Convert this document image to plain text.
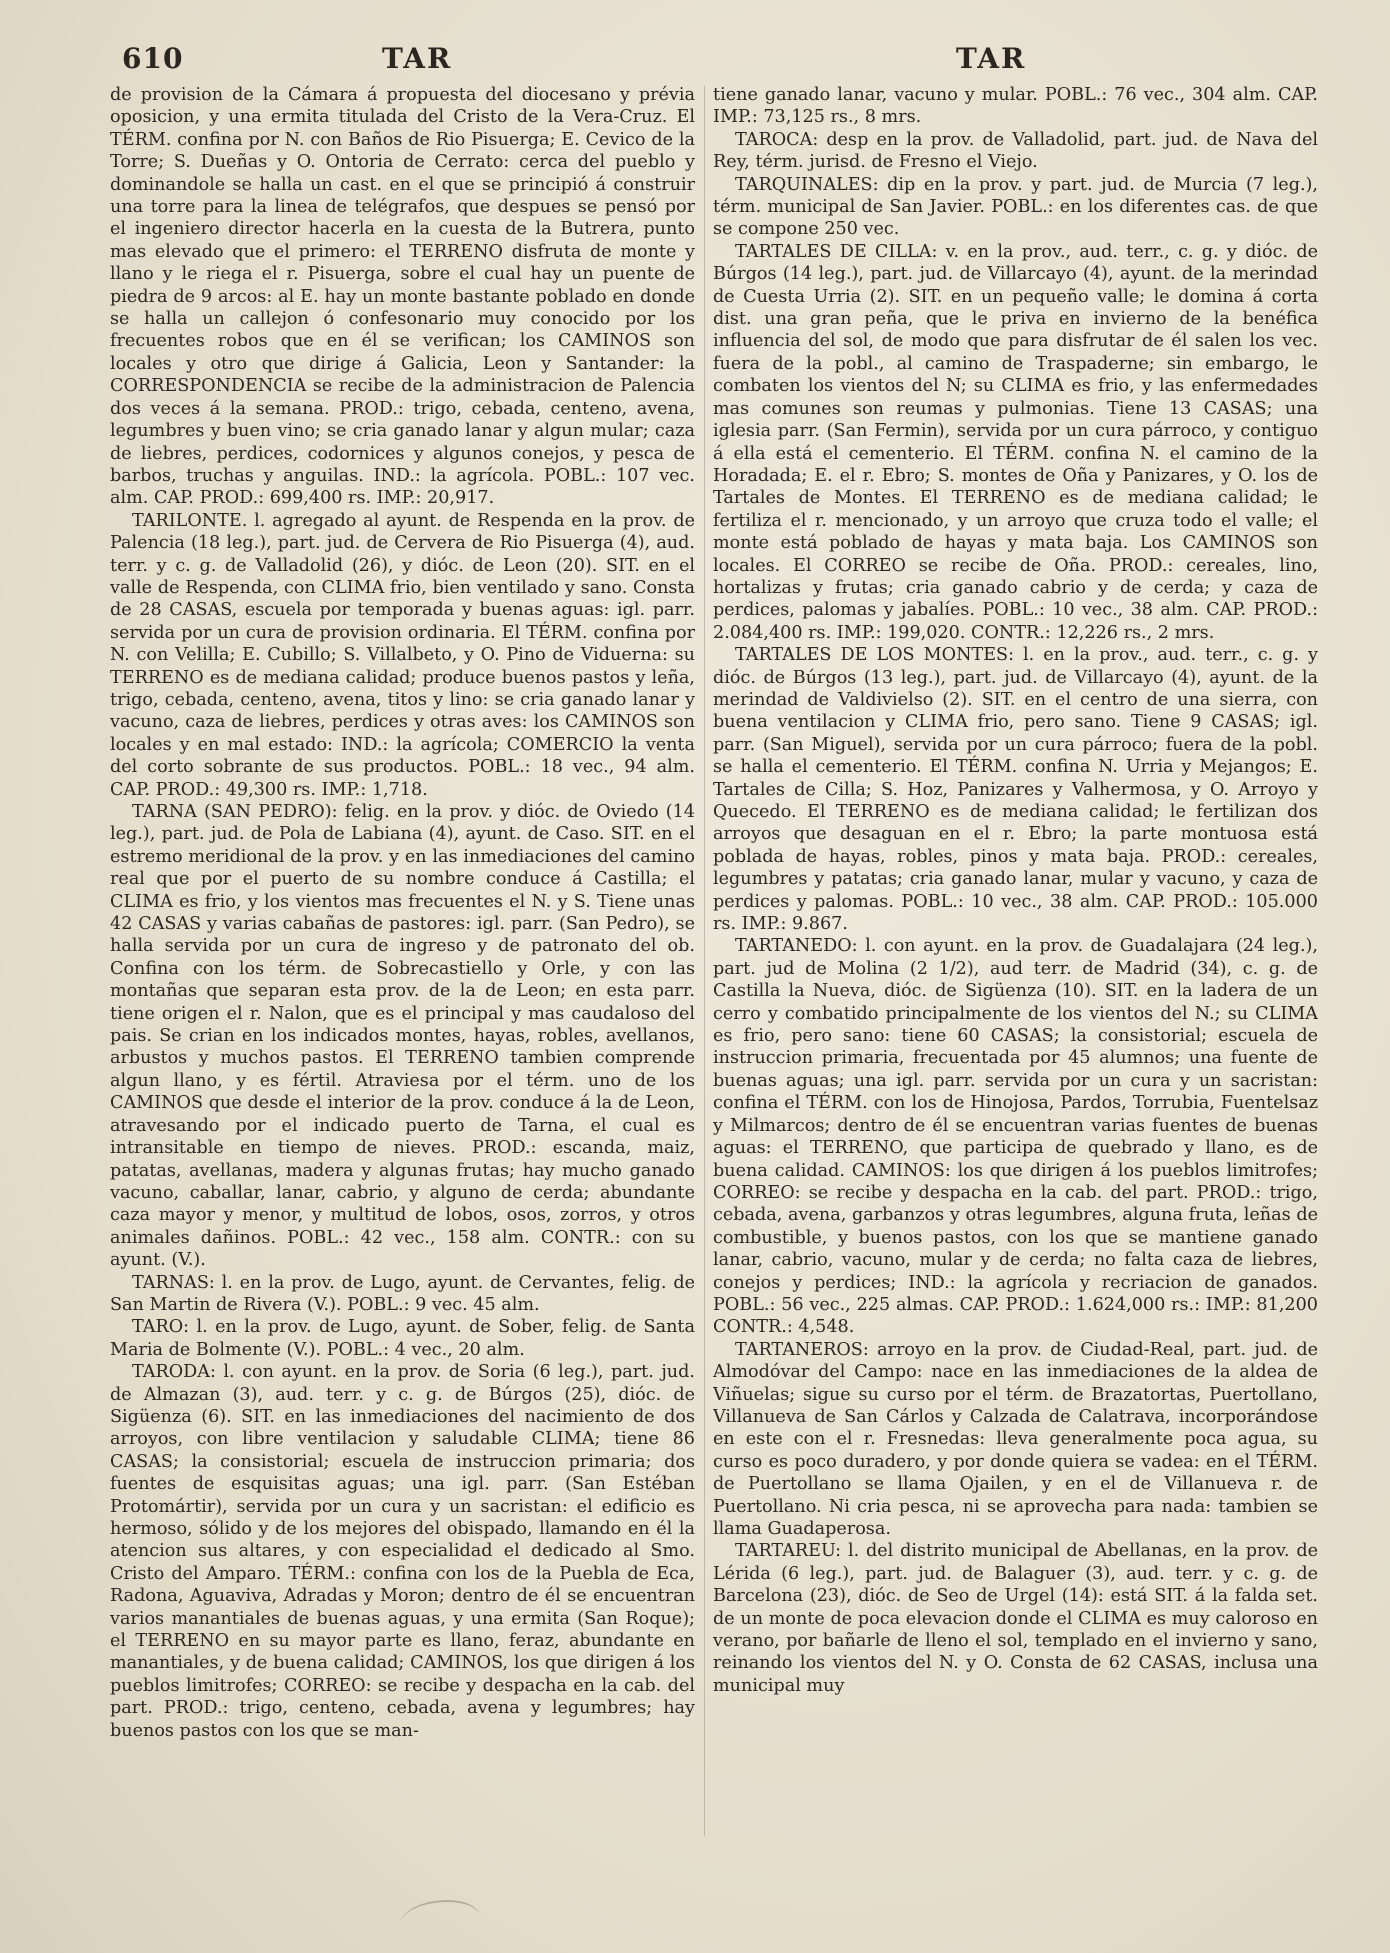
610	TAR	TAR

de provision de la Cámara á propuesta del diocesano y prévia oposicion, y una ermita titulada del Cristo de la Vera-Cruz. El TÉRM. confina por N. con Baños de Rio Pisuerga; E. Cevico de la Torre; S. Dueñas y O. Ontoria de Cerrato: cerca del pueblo y dominandole se halla un cast. en el que se principió á construir una torre para la linea de telégrafos, que despues se pensó por el ingeniero director hacerla en la cuesta de la Butrera, punto mas elevado que el primero: el TERRENO disfruta de monte y llano y le riega el r. Pisuerga, sobre el cual hay un puente de piedra de 9 arcos: al E. hay un monte bastante poblado en donde se halla un callejon ó confesonario muy conocido por los frecuentes robos que en él se verifican; los CAMINOS son locales y otro que dirige á Galicia, Leon y Santander: la CORRESPONDENCIA se recibe de la administracion de Palencia dos veces á la semana. PROD.: trigo, cebada, centeno, avena, legumbres y buen vino; se cria ganado lanar y algun mular; caza de liebres, perdices, codornices y algunos conejos, y pesca de barbos, truchas y anguilas. IND.: la agrícola. POBL.: 107 vec. alm. CAP. PROD.: 699,400 rs. IMP.: 20,917.

TARILONTE. l. agregado al ayunt. de Respenda en la prov. de Palencia (18 leg.), part. jud. de Cervera de Rio Pisuerga (4), aud. terr. y c. g. de Valladolid (26), y dióc. de Leon (20). SIT. en el valle de Respenda, con CLIMA frio, bien ventilado y sano. Consta de 28 CASAS, escuela por temporada y buenas aguas: igl. parr. servida por un cura de provision ordinaria. El TÉRM. confina por N. con Velilla; E. Cubillo; S. Villalbeto, y O. Pino de Viduerna: su TERRENO es de mediana calidad; produce buenos pastos y leña, trigo, cebada, centeno, avena, titos y lino: se cria ganado lanar y vacuno, caza de liebres, perdices y otras aves: los CAMINOS son locales y en mal estado: IND.: la agrícola; COMERCIO la venta del corto sobrante de sus productos. POBL.: 18 vec., 94 alm. CAP. PROD.: 49,300 rs. IMP.: 1,718.

TARNA (SAN PEDRO): felig. en la prov. y dióc. de Oviedo (14 leg.), part. jud. de Pola de Labiana (4), ayunt. de Caso. SIT. en el estremo meridional de la prov. y en las inmediaciones del camino real que por el puerto de su nombre conduce á Castilla; el CLIMA es frio, y los vientos mas frecuentes el N. y S. Tiene unas 42 CASAS y varias cabañas de pastores: igl. parr. (San Pedro), se halla servida por un cura de ingreso y de patronato del ob. Confina con los térm. de Sobrecastiello y Orle, y con las montañas que separan esta prov. de la de Leon; en esta parr. tiene origen el r. Nalon, que es el principal y mas caudaloso del pais. Se crian en los indicados montes, hayas, robles, avellanos, arbustos y muchos pastos. El TERRENO tambien comprende algun llano, y es fértil. Atraviesa por el térm. uno de los CAMINOS que desde el interior de la prov. conduce á la de Leon, atravesando por el indicado puerto de Tarna, el cual es intransitable en tiempo de nieves. PROD.: escanda, maiz, patatas, avellanas, madera y algunas frutas; hay mucho ganado vacuno, caballar, lanar, cabrio, y alguno de cerda; abundante caza mayor y menor, y multitud de lobos, osos, zorros, y otros animales dañinos. POBL.: 42 vec., 158 alm. CONTR.: con su ayunt. (V.).

TARNAS: l. en la prov. de Lugo, ayunt. de Cervantes, felig. de San Martin de Rivera (V.). POBL.: 9 vec. 45 alm.

TARO: l. en la prov. de Lugo, ayunt. de Sober, felig. de Santa Maria de Bolmente (V.). POBL.: 4 vec., 20 alm.

TARODA: l. con ayunt. en la prov. de Soria (6 leg.), part. jud. de Almazan (3), aud. terr. y c. g. de Búrgos (25), dióc. de Sigüenza (6). SIT. en las inmediaciones del nacimiento de dos arroyos, con libre ventilacion y saludable CLIMA; tiene 86 CASAS; la consistorial; escuela de instruccion primaria; dos fuentes de esquisitas aguas; una igl. parr. (San Estéban Protomártir), servida por un cura y un sacristan: el edificio es hermoso, sólido y de los mejores del obispado, llamando en él la atencion sus altares, y con especialidad el dedicado al Smo. Cristo del Amparo. TÉRM.: confina con los de la Puebla de Eca, Radona, Aguaviva, Adradas y Moron; dentro de él se encuentran varios manantiales de buenas aguas, y una ermita (San Roque); el TERRENO en su mayor parte es llano, feraz, abundante en manantiales, y de buena calidad; CAMINOS, los que dirigen á los pueblos limitrofes; CORREO: se recibe y despacha en la cab. del part. PROD.: trigo, centeno, cebada, avena y legumbres; hay buenos pastos con los que se man-

tiene ganado lanar, vacuno y mular. POBL.: 76 vec., 304 alm. CAP. IMP.: 73,125 rs., 8 mrs.

TAROCA: desp en la prov. de Valladolid, part. jud. de Nava del Rey, térm. jurisd. de Fresno el Viejo.

TARQUINALES: dip en la prov. y part. jud. de Murcia (7 leg.), térm. municipal de San Javier. POBL.: en los diferentes cas. de que se compone 250 vec.

TARTALES DE CILLA: v. en la prov., aud. terr., c. g. y dióc. de Búrgos (14 leg.), part. jud. de Villarcayo (4), ayunt. de la merindad de Cuesta Urria (2). SIT. en un pequeño valle; le domina á corta dist. una gran peña, que le priva en invierno de la benéfica influencia del sol, de modo que para disfrutar de él salen los vec. fuera de la pobl., al camino de Traspaderne; sin embargo, le combaten los vientos del N; su CLIMA es frio, y las enfermedades mas comunes son reumas y pulmonias. Tiene 13 CASAS; una iglesia parr. (San Fermin), servida por un cura párroco, y contiguo á ella está el cementerio. El TÉRM. confina N. el camino de la Horadada; E. el r. Ebro; S. montes de Oña y Panizares, y O. los de Tartales de Montes. El TERRENO es de mediana calidad; le fertiliza el r. mencionado, y un arroyo que cruza todo el valle; el monte está poblado de hayas y mata baja. Los CAMINOS son locales. El CORREO se recibe de Oña. PROD.: cereales, lino, hortalizas y frutas; cria ganado cabrio y de cerda; y caza de perdices, palomas y jabalíes. POBL.: 10 vec., 38 alm. CAP. PROD.: 2.084,400 rs. IMP.: 199,020. CONTR.: 12,226 rs., 2 mrs.

TARTALES DE LOS MONTES: l. en la prov., aud. terr., c. g. y dióc. de Búrgos (13 leg.), part. jud. de Villarcayo (4), ayunt. de la merindad de Valdivielso (2). SIT. en el centro de una sierra, con buena ventilacion y CLIMA frio, pero sano. Tiene 9 CASAS; igl. parr. (San Miguel), servida por un cura párroco; fuera de la pobl. se halla el cementerio. El TÉRM. confina N. Urria y Mejangos; E. Tartales de Cilla; S. Hoz, Panizares y Valhermosa, y O. Arroyo y Quecedo. El TERRENO es de mediana calidad; le fertilizan dos arroyos que desaguan en el r. Ebro; la parte montuosa está poblada de hayas, robles, pinos y mata baja. PROD.: cereales, legumbres y patatas; cria ganado lanar, mular y vacuno, y caza de perdices y palomas. POBL.: 10 vec., 38 alm. CAP. PROD.: 105.000 rs. IMP.: 9.867.

TARTANEDO: l. con ayunt. en la prov. de Guadalajara (24 leg.), part. jud de Molina (2 1/2), aud terr. de Madrid (34), c. g. de Castilla la Nueva, dióc. de Sigüenza (10). SIT. en la ladera de un cerro y combatido principalmente de los vientos del N.; su CLIMA es frio, pero sano: tiene 60 CASAS; la consistorial; escuela de instruccion primaria, frecuentada por 45 alumnos; una fuente de buenas aguas; una igl. parr. servida por un cura y un sacristan: confina el TÉRM. con los de Hinojosa, Pardos, Torrubia, Fuentelsaz y Milmarcos; dentro de él se encuentran varias fuentes de buenas aguas: el TERRENO, que participa de quebrado y llano, es de buena calidad. CAMINOS: los que dirigen á los pueblos limitrofes; CORREO: se recibe y despacha en la cab. del part. PROD.: trigo, cebada, avena, garbanzos y otras legumbres, alguna fruta, leñas de combustible, y buenos pastos, con los que se mantiene ganado lanar, cabrio, vacuno, mular y de cerda; no falta caza de liebres, conejos y perdices; IND.: la agrícola y recriacion de ganados. POBL.: 56 vec., 225 almas. CAP. PROD.: 1.624,000 rs.: IMP.: 81,200 CONTR.: 4,548.

TARTANEROS: arroyo en la prov. de Ciudad-Real, part. jud. de Almodóvar del Campo: nace en las inmediaciones de la aldea de Viñuelas; sigue su curso por el térm. de Brazatortas, Puertollano, Villanueva de San Cárlos y Calzada de Calatrava, incorporándose en este con el r. Fresnedas: lleva generalmente poca agua, su curso es poco duradero, y por donde quiera se vadea: en el TÉRM. de Puertollano se llama Ojailen, y en el de Villanueva r. de Puertollano. Ni cria pesca, ni se aprovecha para nada: tambien se llama Guadaperosa.

TARTAREU: l. del distrito municipal de Abellanas, en la prov. de Lérida (6 leg.), part. jud. de Balaguer (3), aud. terr. y c. g. de Barcelona (23), dióc. de Seo de Urgel (14): está SIT. á la falda set. de un monte de poca elevacion donde el CLIMA es muy caloroso en verano, por bañarle de lleno el sol, templado en el invierno y sano, reinando los vientos del N. y O. Consta de 62 CASAS, inclusa una municipal muy
